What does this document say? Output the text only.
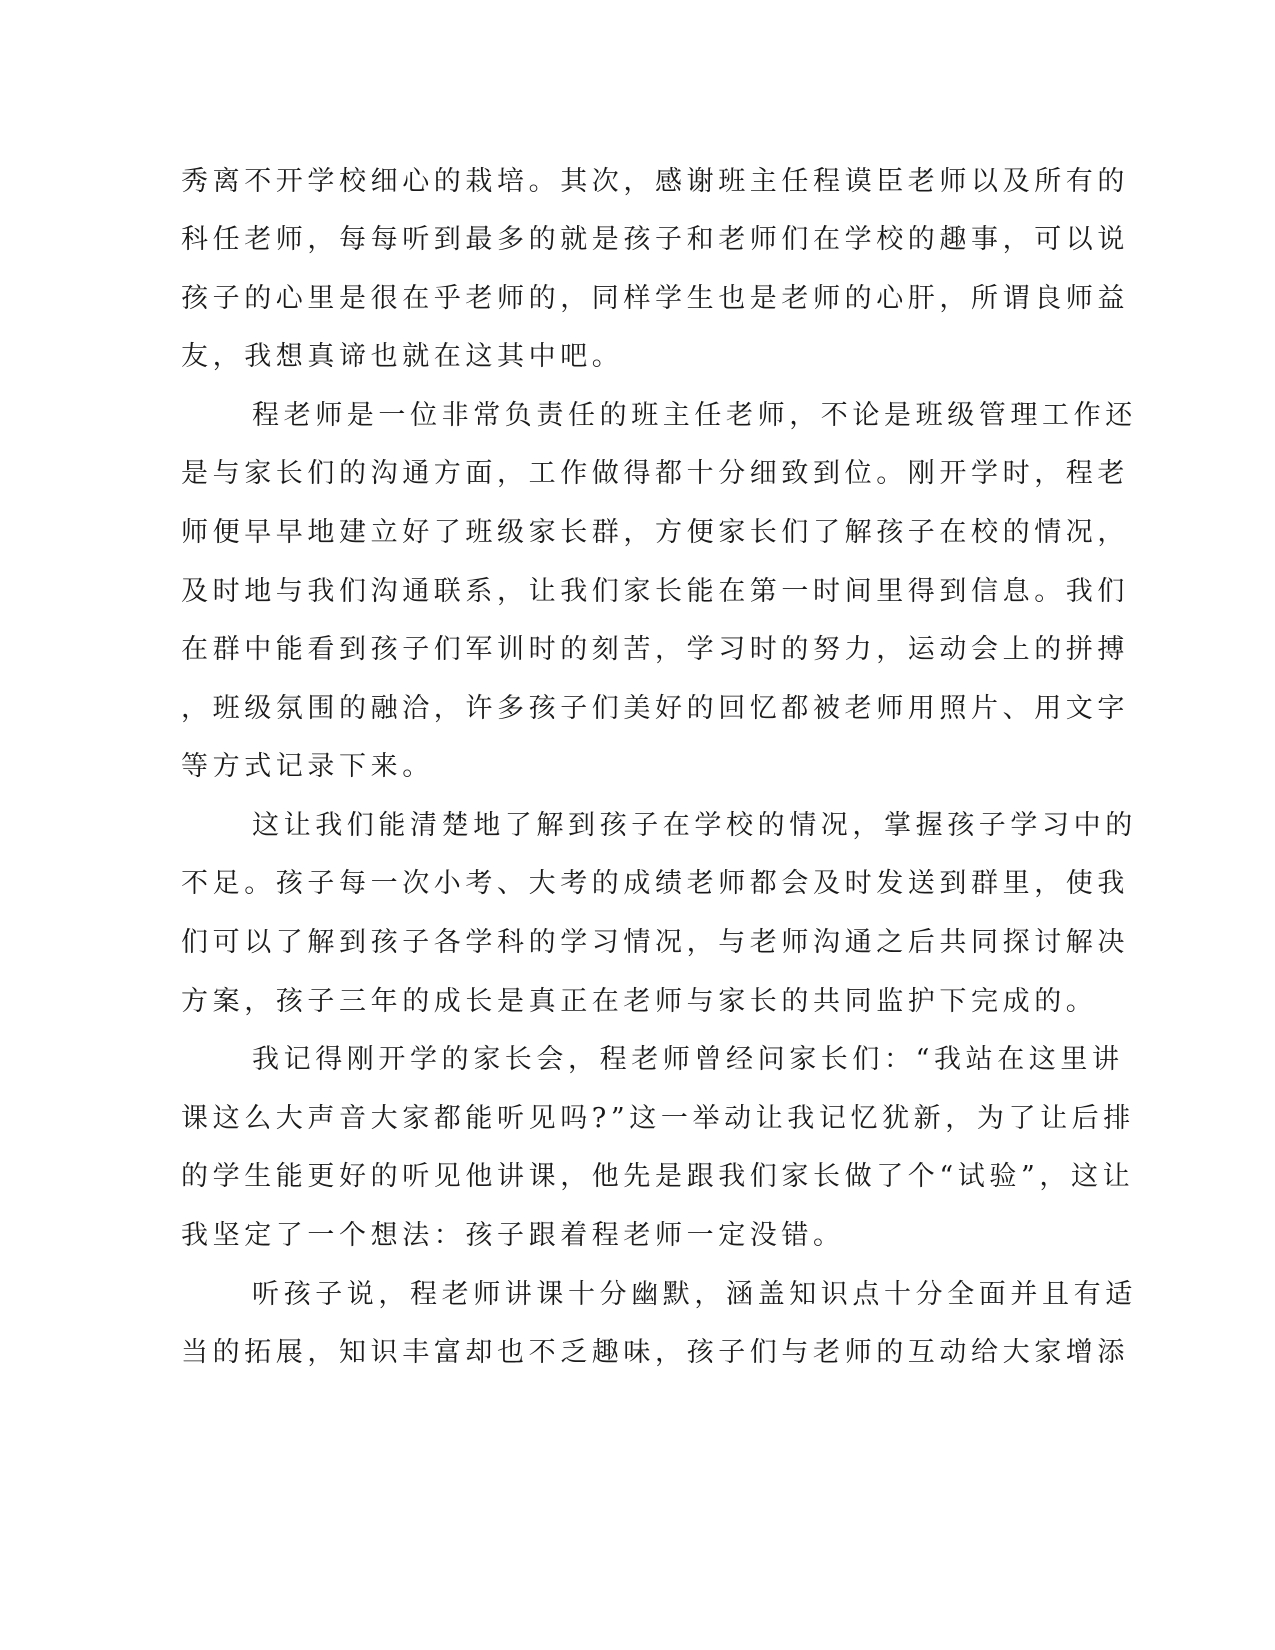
秀离不开学校细心的栽培。其次，感谢班主任程谟臣老师以及所有的
科任老师，每每听到最多的就是孩子和老师们在学校的趣事，可以说
孩子的心里是很在乎老师的，同样学生也是老师的心肝，所谓良师益
友，我想真谛也就在这其中吧。
程老师是一位非常负责任的班主任老师，不论是班级管理工作还
是与家长们的沟通方面，工作做得都十分细致到位。刚开学时，程老
师便早早地建立好了班级家长群，方便家长们了解孩子在校的情况，
及时地与我们沟通联系，让我们家长能在第一时间里得到信息。我们
在群中能看到孩子们军训时的刻苦，学习时的努力，运动会上的拼搏
，班级氛围的融洽，许多孩子们美好的回忆都被老师用照片、用文字
等方式记录下来。
这让我们能清楚地了解到孩子在学校的情况，掌握孩子学习中的
不足。孩子每一次小考、大考的成绩老师都会及时发送到群里，使我
们可以了解到孩子各学科的学习情况，与老师沟通之后共同探讨解决
方案，孩子三年的成长是真正在老师与家长的共同监护下完成的。
我记得刚开学的家长会，程老师曾经问家长们：“我站在这里讲
课这么大声音大家都能听见吗?”这一举动让我记忆犹新，为了让后排
的学生能更好的听见他讲课，他先是跟我们家长做了个“试验”，这让
我坚定了一个想法：孩子跟着程老师一定没错。
听孩子说，程老师讲课十分幽默，涵盖知识点十分全面并且有适
当的拓展，知识丰富却也不乏趣味，孩子们与老师的互动给大家增添
